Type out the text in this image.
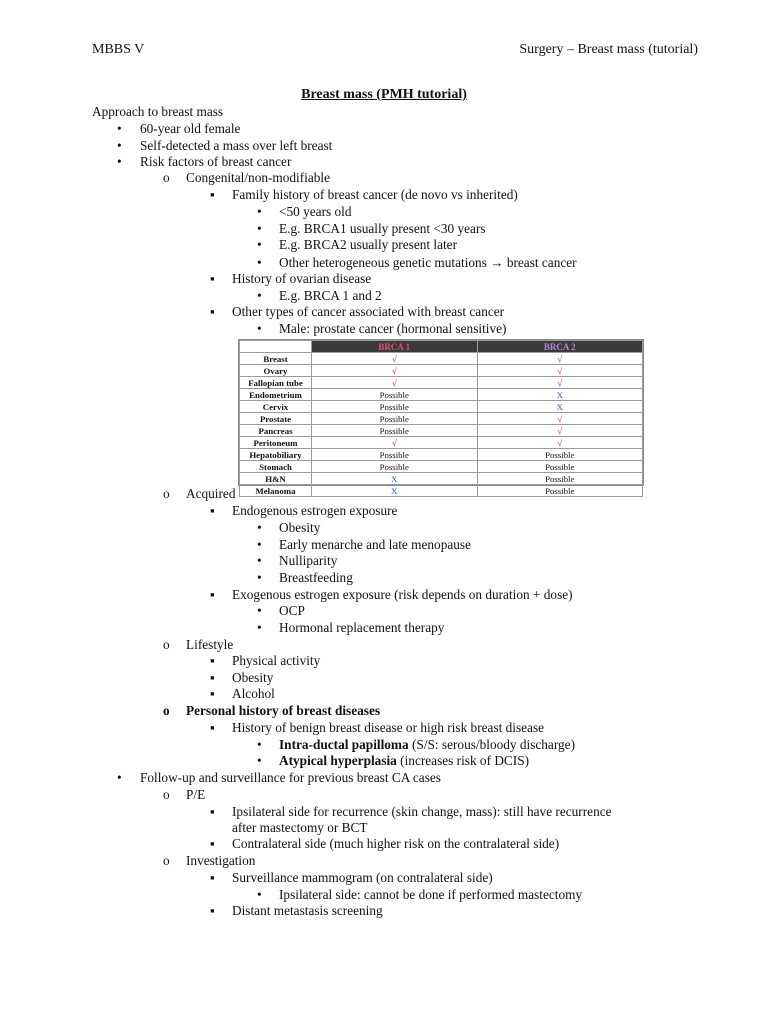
MBBS V	Surgery – Breast mass (tutorial)
Breast mass (PMH tutorial)
Approach to breast mass
• 60-year old female
• Self-detected a mass over left breast
• Risk factors of breast cancer
o Congenital/non-modifiable
▪ Family history of breast cancer (de novo vs inherited)
• <50 years old
• E.g. BRCA1 usually present <30 years
• E.g. BRCA2 usually present later
• Other heterogeneous genetic mutations → breast cancer
▪ History of ovarian disease
• E.g. BRCA 1 and 2
▪ Other types of cancer associated with breast cancer
• Male: prostate cancer (hormonal sensitive)
	BRCA 1	BRCA 2
Breast	√	√
Ovary	√	√
Fallopian tube	√	√
Endometrium	Possible	X
Cervix	Possible	X
Prostate	Possible	√
Pancreas	Possible	√
Peritoneum	√	√
Hepatobiliary	Possible	Possible
Stomach	Possible	Possible
H&N	X	Possible
Melanoma	X	Possible
o Acquired
▪ Endogenous estrogen exposure
• Obesity
• Early menarche and late menopause
• Nulliparity
• Breastfeeding
▪ Exogenous estrogen exposure (risk depends on duration + dose)
• OCP
• Hormonal replacement therapy
o Lifestyle
▪ Physical activity
▪ Obesity
▪ Alcohol
o Personal history of breast diseases
▪ History of benign breast disease or high risk breast disease
• Intra-ductal papilloma (S/S: serous/bloody discharge)
• Atypical hyperplasia (increases risk of DCIS)
• Follow-up and surveillance for previous breast CA cases
o P/E
▪ Ipsilateral side for recurrence (skin change, mass): still have recurrence
after mastectomy or BCT
▪ Contralateral side (much higher risk on the contralateral side)
o Investigation
▪ Surveillance mammogram (on contralateral side)
• Ipsilateral side: cannot be done if performed mastectomy
▪ Distant metastasis screening
